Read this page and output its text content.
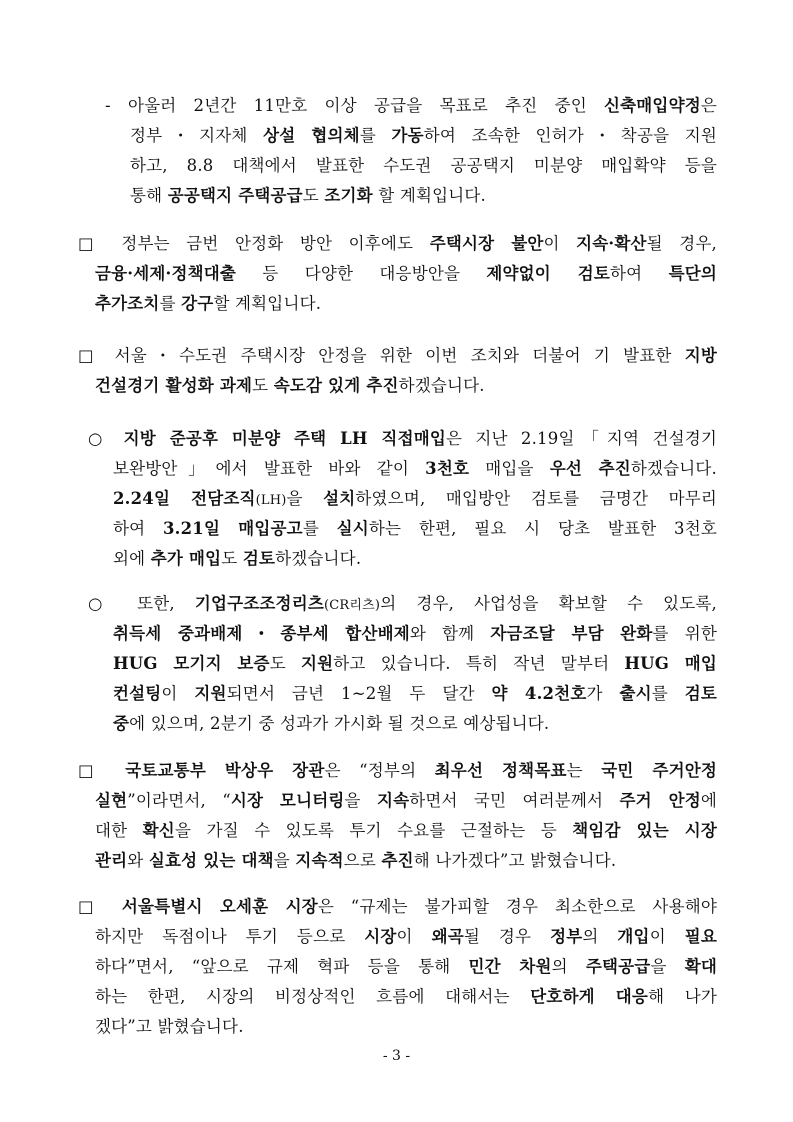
- 아울러 2년간 11만호 이상 공급을 목표로 추진 중인 신축매입약정은
정부・지자체 상설 협의체를 가동하여 조속한 인허가・착공을 지원
하고, 8.8 대책에서 발표한 수도권 공공택지 미분양 매입확약 등을
통해 공공택지 주택공급도 조기화 할 계획입니다.
□ 정부는 금번 안정화 방안 이후에도 주택시장 불안이 지속·확산될 경우,
금융·세제·정책대출 등 다양한 대응방안을 제약없이 검토하여 특단의
추가조치를 강구할 계획입니다.
□ 서울・수도권 주택시장 안정을 위한 이번 조치와 더불어 기 발표한 지방
건설경기 활성화 과제도 속도감 있게 추진하겠습니다.
○ 지방 준공후 미분양 주택 LH 직접매입은 지난 2.19일「지역 건설경기
보완방안」에서 발표한 바와 같이 3천호 매입을 우선 추진하겠습니다.
2.24일 전담조직(LH)을 설치하였으며, 매입방안 검토를 금명간 마무리
하여 3.21일 매입공고를 실시하는 한편, 필요 시 당초 발표한 3천호
외에 추가 매입도 검토하겠습니다.
○ 또한, 기업구조조정리츠(CR리츠)의 경우, 사업성을 확보할 수 있도록,
취득세 중과배제・종부세 합산배제와 함께 자금조달 부담 완화를 위한
HUG 모기지 보증도 지원하고 있습니다. 특히 작년 말부터 HUG 매입
컨설팅이 지원되면서 금년 1~2월 두 달간 약 4.2천호가 출시를 검토
중에 있으며, 2분기 중 성과가 가시화 될 것으로 예상됩니다.
□ 국토교통부 박상우 장관은 “정부의 최우선 정책목표는 국민 주거안정
실현”이라면서, “시장 모니터링을 지속하면서 국민 여러분께서 주거 안정에
대한 확신을 가질 수 있도록 투기 수요를 근절하는 등 책임감 있는 시장
관리와 실효성 있는 대책을 지속적으로 추진해 나가겠다”고 밝혔습니다.
□ 서울특별시 오세훈 시장은 “규제는 불가피할 경우 최소한으로 사용해야
하지만 독점이나 투기 등으로 시장이 왜곡될 경우 정부의 개입이 필요
하다”면서, “앞으로 규제 혁파 등을 통해 민간 차원의 주택공급을 확대
하는 한편, 시장의 비정상적인 흐름에 대해서는 단호하게 대응해 나가
겠다”고 밝혔습니다.
- 3 -
